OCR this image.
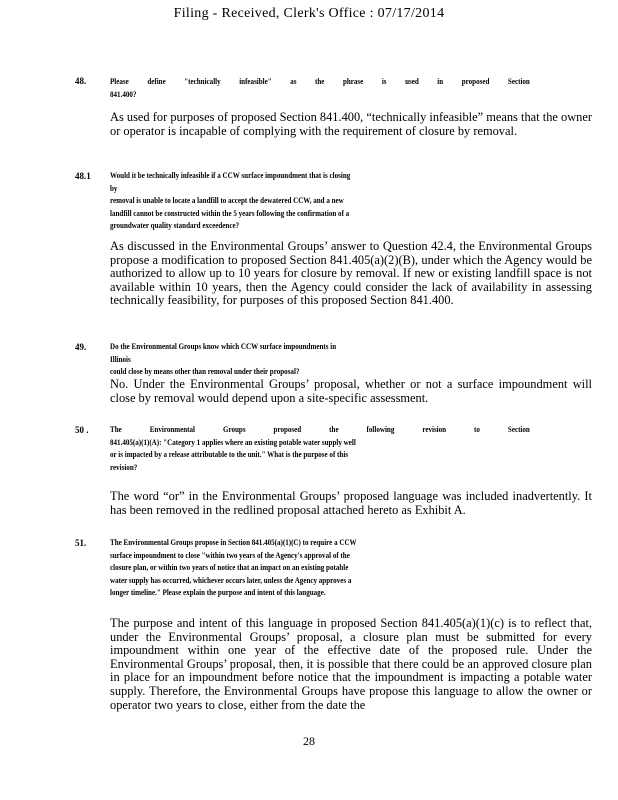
Filing - Received, Clerk's Office : 07/17/2014
48.	Please define "technically infeasible" as the phrase is used in proposed Section
841.400?
As used for purposes of proposed Section 841.400, “technically infeasible” means that the owner or operator is incapable of complying with the requirement of closure by removal.
48.1 Would it be technically infeasible if a CCW surface impoundment that is closing by
removal is unable to locate a landfill to accept the dewatered CCW, and a new
landfill cannot be constructed within the 5 years following the confirmation of a
groundwater quality standard exceedence?
As discussed in the Environmental Groups’ answer to Question 42.4, the Environmental Groups propose a modification to proposed Section 841.405(a)(2)(B), under which the Agency would be authorized to allow up to 10 years for closure by removal. If new or existing landfill space is not available within 10 years, then the Agency could consider the lack of availability in assessing technically feasibility, for purposes of this proposed Section 841.400.
49.	Do the Environmental Groups know which CCW surface impoundments in Illinois
could close by means other than removal under their proposal?
No. Under the Environmental Groups’ proposal, whether or not a surface impoundment will close by removal would depend upon a site-specific assessment.
50 .	The	Environmental	Groups	proposed	the	following	revision	to	Section
841.405(a)(1)(A): "Category 1 applies where an existing potable water supply well
or is impacted by a release attributable to the unit." What is the purpose of this
revision?
The word “or” in the Environmental Groups’ proposed language was included inadvertently. It has been removed in the redlined proposal attached hereto as Exhibit A.
51.	The Environmental Groups propose in Section 841.405(a)(1)(C) to require a CCW
surface impoundment to close "within two years of the Agency's approval of the
closure plan, or within two years of notice that an impact on an existing potable
water supply has occurred, whichever occurs later, unless the Agency approves a
longer timeline." Please explain the purpose and intent of this language.
The purpose and intent of this language in proposed Section 841.405(a)(1)(c) is to reflect that, under the Environmental Groups’ proposal, a closure plan must be submitted for every impoundment within one year of the effective date of the proposed rule. Under the Environmental Groups’ proposal, then, it is possible that there could be an approved closure plan in place for an impoundment before notice that the impoundment is impacting a potable water supply. Therefore, the Environmental Groups have propose this language to allow the owner or operator two years to close, either from the date the
28
